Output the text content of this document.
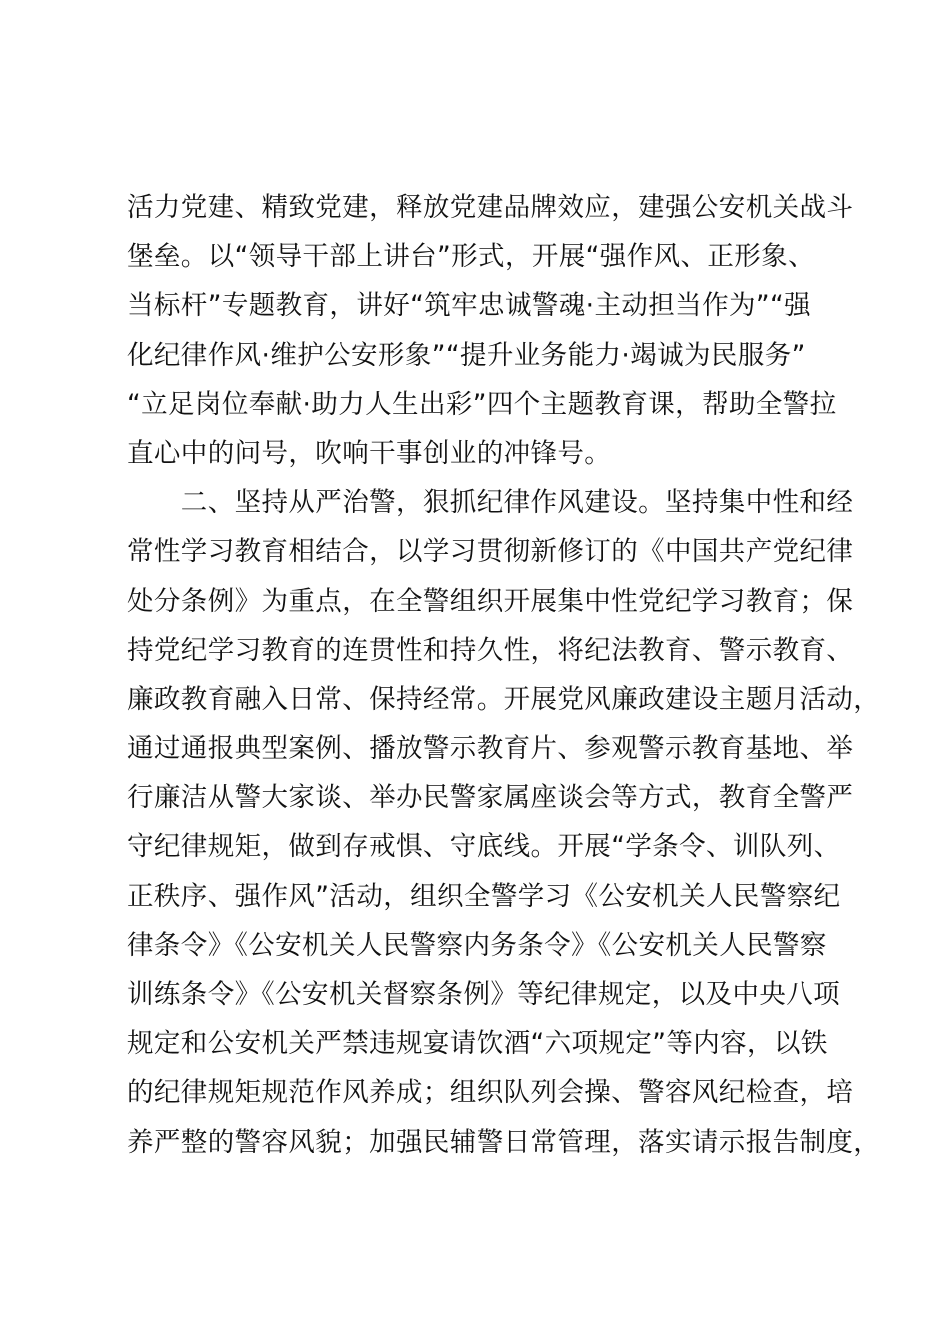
活力党建、精致党建，释放党建品牌效应，建强公安机关战斗
堡垒。以“领导干部上讲台”形式，开展“强作风、正形象、
当标杆”专题教育，讲好“筑牢忠诚警魂·主动担当作为”“强
化纪律作风·维护公安形象”“提升业务能力·竭诚为民服务”
“立足岗位奉献·助力人生出彩”四个主题教育课，帮助全警拉
直心中的问号，吹响干事创业的冲锋号。
　　二、坚持从严治警，狠抓纪律作风建设。坚持集中性和经
常性学习教育相结合，以学习贯彻新修订的《中国共产党纪律
处分条例》为重点，在全警组织开展集中性党纪学习教育；保
持党纪学习教育的连贯性和持久性，将纪法教育、警示教育、
廉政教育融入日常、保持经常。开展党风廉政建设主题月活动，
通过通报典型案例、播放警示教育片、参观警示教育基地、举
行廉洁从警大家谈、举办民警家属座谈会等方式，教育全警严
守纪律规矩，做到存戒惧、守底线。开展“学条令、训队列、
正秩序、强作风”活动，组织全警学习《公安机关人民警察纪
律条令》《公安机关人民警察内务条令》《公安机关人民警察
训练条令》《公安机关督察条例》等纪律规定，以及中央八项
规定和公安机关严禁违规宴请饮酒“六项规定”等内容，以铁
的纪律规矩规范作风养成；组织队列会操、警容风纪检查，培
养严整的警容风貌；加强民辅警日常管理，落实请示报告制度，
